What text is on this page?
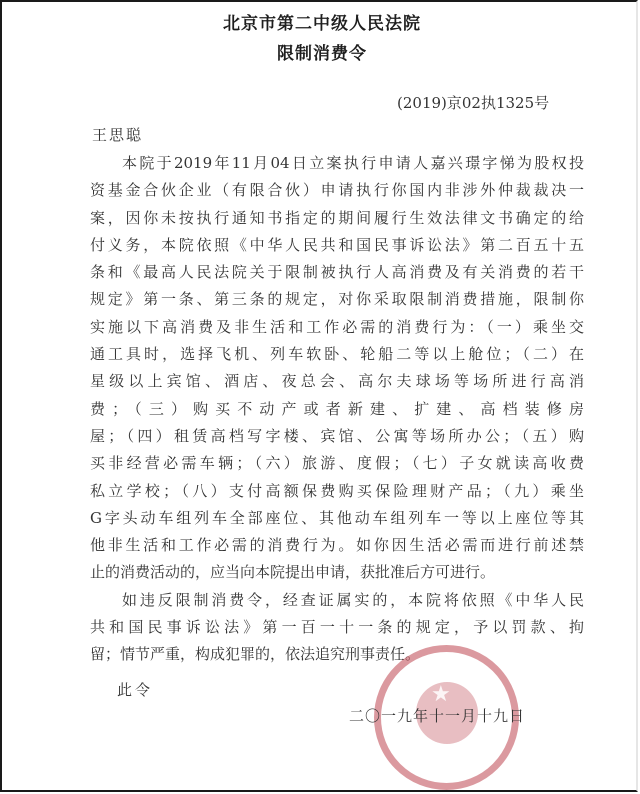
北京市第二中级人民法院
限制消费令
(2019)京02执1325号
王思聪
本院于2019年11月04日立案执行申请人嘉兴璟字悌为股权投
资基金合伙企业（有限合伙）申请执行你国内非涉外仲裁裁决一
案，因你未按执行通知书指定的期间履行生效法律文书确定的给
付义务，本院依照《中华人民共和国民事诉讼法》第二百五十五
条和《最高人民法院关于限制被执行人高消费及有关消费的若干
规定》第一条、第三条的规定，对你采取限制消费措施，限制你
实施以下高消费及非生活和工作必需的消费行为：（一）乘坐交
通工具时，选择飞机、列车软卧、轮船二等以上舱位；（二）在
星级以上宾馆、酒店、夜总会、高尔夫球场等场所进行高消
费；（三）购买不动产或者新建、扩建、高档装修房
屋；（四）租赁高档写字楼、宾馆、公寓等场所办公；（五）购
买非经营必需车辆；（六）旅游、度假；（七）子女就读高收费
私立学校；（八）支付高额保费购买保险理财产品；（九）乘坐
G字头动车组列车全部座位、其他动车组列车一等以上座位等其
他非生活和工作必需的消费行为。如你因生活必需而进行前述禁
止的消费活动的，应当向本院提出申请，获批准后方可进行。
如违反限制消费令，经查证属实的，本院将依照《中华人民
共和国民事诉讼法》第一百一十一条的规定，予以罚款、拘
留；情节严重，构成犯罪的，依法追究刑事责任。
此令	★
二〇一九年十一月十九日
